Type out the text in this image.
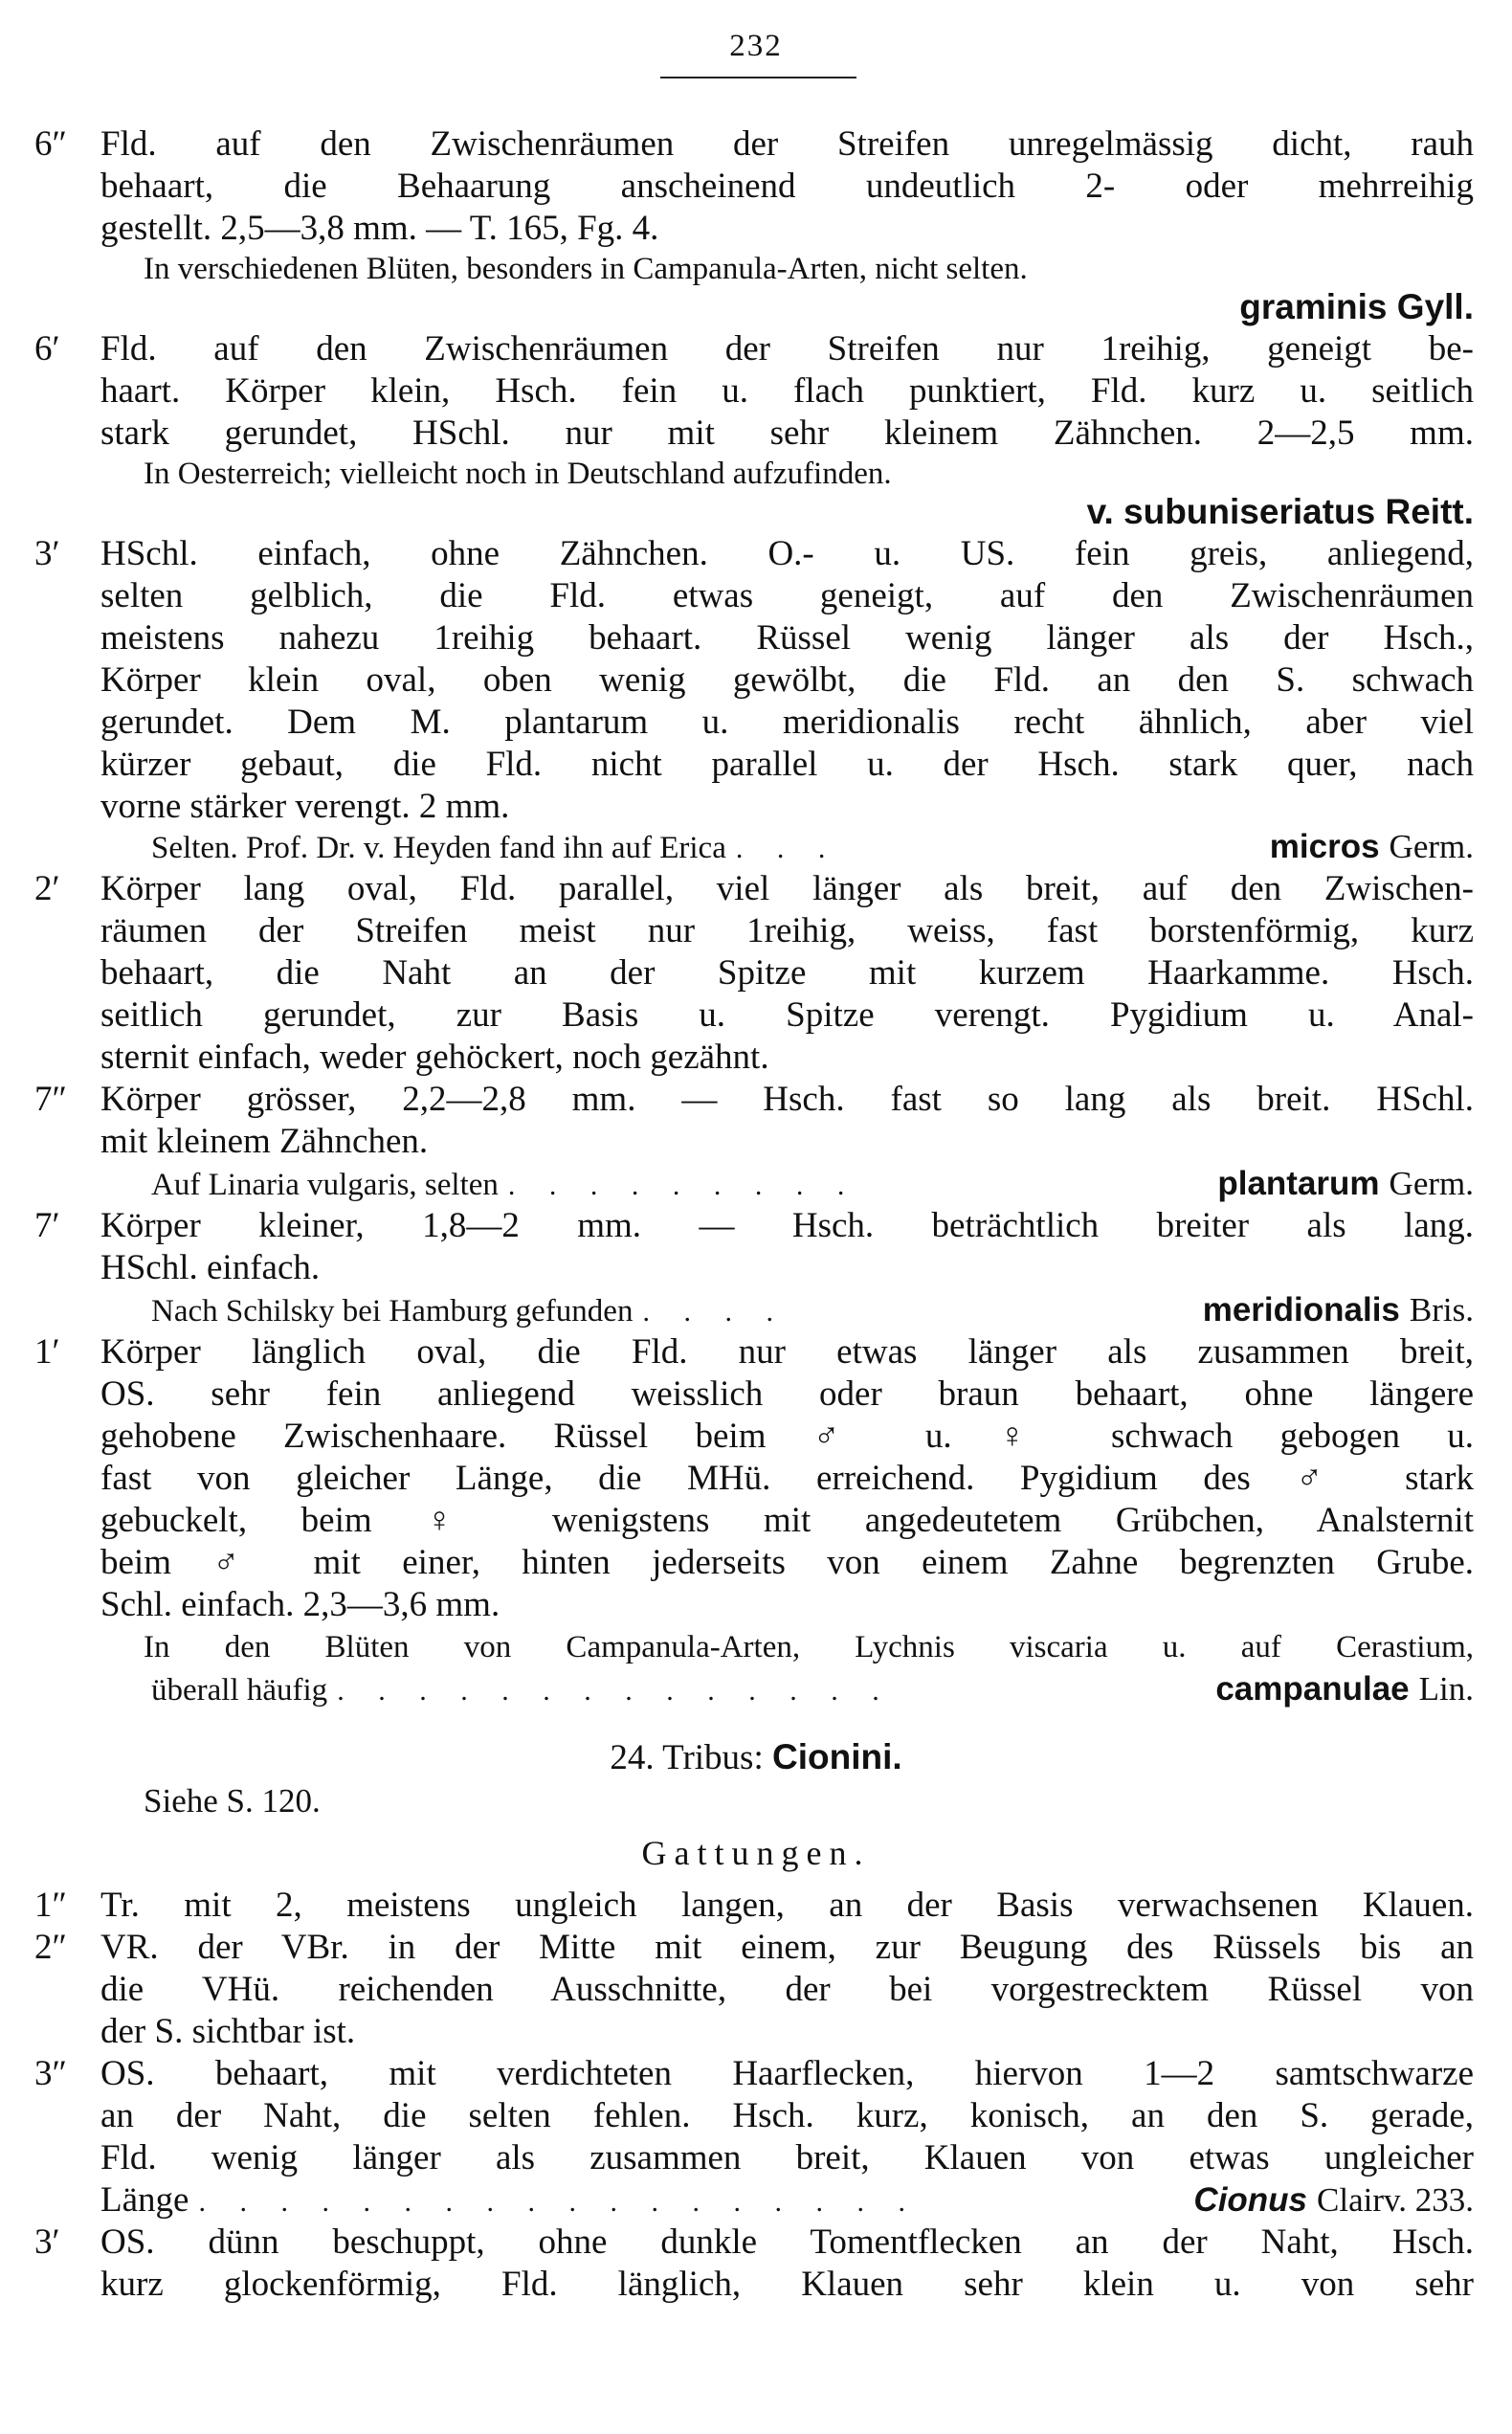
232
6″ Fld. auf den Zwischenräumen der Streifen unregelmässig dicht, rauh
behaart, die Behaarung anscheinend undeutlich 2- oder mehrreihig
gestellt. 2,5—3,8 mm. — T. 165, Fg. 4.
In verschiedenen Blüten, besonders in Campanula-Arten, nicht selten.
graminis Gyll.
6′	Fld. auf den Zwischenräumen der Streifen nur 1reihig, geneigt be-
haart. Körper klein, Hsch. fein u. flach punktiert, Fld. kurz u. seitlich
stark gerundet, HSchl. nur mit sehr kleinem Zähnchen. 2—2,5 mm.
In Oesterreich; vielleicht noch in Deutschland aufzufinden.
v. subuniseriatus Reitt.
3′	HSchl. einfach, ohne Zähnchen. O.- u. US. fein greis, anliegend,
selten gelblich, die Fld. etwas geneigt, auf den Zwischenräumen
meistens nahezu 1reihig behaart. Rüssel wenig länger als der Hsch.,
Körper klein oval, oben wenig gewölbt, die Fld. an den S. schwach
gerundet. Dem M. plantarum u. meridionalis recht ähnlich, aber viel
kürzer gebaut, die Fld. nicht parallel u. der Hsch. stark quer, nach
vorne stärker verengt. 2 mm.
Selten. Prof. Dr. v. Heyden fand ihn auf Erica . . .	micros Germ.
2′	Körper lang oval, Fld. parallel, viel länger als breit, auf den Zwischen-
räumen der Streifen meist nur 1reihig, weiss, fast borstenförmig, kurz
behaart, die Naht an der Spitze mit kurzem Haarkamme. Hsch.
seitlich gerundet, zur Basis u. Spitze verengt. Pygidium u. Anal-
sternit einfach, weder gehöckert, noch gezähnt.
7″ Körper grösser, 2,2—2,8 mm. — Hsch. fast so lang als breit. HSchl.
mit kleinem Zähnchen.
Auf Linaria vulgaris, selten . . . . . . . . .	plantarum Germ.
7′	Körper kleiner, 1,8—2 mm. — Hsch. beträchtlich breiter als lang.
HSchl. einfach.
Nach Schilsky bei Hamburg gefunden . . . .	meridionalis Bris.
1′	Körper länglich oval, die Fld. nur etwas länger als zusammen breit,
OS. sehr fein anliegend weisslich oder braun behaart, ohne längere
gehobene Zwischenhaare. Rüssel beim ♂ u. ♀ schwach gebogen u.
fast von gleicher Länge, die MHü. erreichend. Pygidium des ♂ stark
gebuckelt, beim ♀ wenigstens mit angedeutetem Grübchen, Analsternit
beim ♂ mit einer, hinten jederseits von einem Zahne begrenzten Grube.
Schl. einfach. 2,3—3,6 mm.
In den Blüten von Campanula-Arten, Lychnis viscaria u. auf Cerastium,
überall häufig . . . . . . . . . . . . . .	campanulae Lin.
24. Tribus: Cionini.
Siehe S. 120.
Gattungen.
1″ Tr. mit 2, meistens ungleich langen, an der Basis verwachsenen Klauen.
2″ VR. der VBr. in der Mitte mit einem, zur Beugung des Rüssels bis an
die VHü. reichenden Ausschnitte, der bei vorgestrecktem Rüssel von
der S. sichtbar ist.
3″ OS. behaart, mit verdichteten Haarflecken, hiervon 1—2 samtschwarze
an der Naht, die selten fehlen. Hsch. kurz, konisch, an den S. gerade,
Fld. wenig länger als zusammen breit, Klauen von etwas ungleicher
Länge . . . . . . . . . . . . . . . . . .	Cionus Clairv. 233.
3′	OS. dünn beschuppt, ohne dunkle Tomentflecken an der Naht, Hsch.
kurz glockenförmig, Fld. länglich, Klauen sehr klein u. von sehr
